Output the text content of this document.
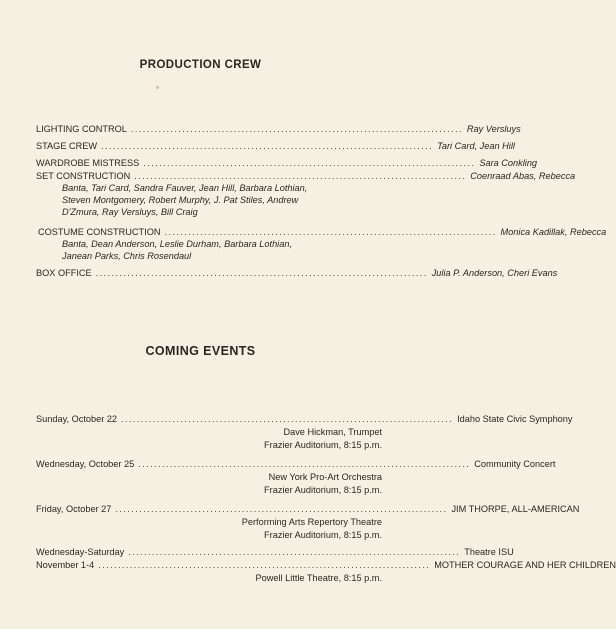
PRODUCTION CREW
LIGHTING CONTROL .................................................................................... Ray Versluys
STAGE CREW .................................................................................... Tari Card, Jean Hill
WARDROBE MISTRESS .................................................................................... Sara Conkling
SET CONSTRUCTION .................................................................................... Coenraad Abas, Rebecca
Banta, Tari Card, Sandra Fauver, Jean Hill, Barbara Lothian,
Steven Montgomery, Robert Murphy, J. Pat Stiles, Andrew
D'Zmura, Ray Versluys, Bill Craig
COSTUME CONSTRUCTION .................................................................................... Monica Kadillak, Rebecca
Banta, Dean Anderson, Leslie Durham, Barbara Lothian,
Janean Parks, Chris Rosendaul
BOX OFFICE .................................................................................... Julia P. Anderson, Cheri Evans
COMING EVENTS
Sunday, October 22 .................................................................................... Idaho State Civic Symphony
Dave Hickman, Trumpet
Frazier Auditorium, 8:15 p.m.
Wednesday, October 25 .................................................................................... Community Concert
New York Pro-Art Orchestra
Frazier Auditorium, 8:15 p.m.
Friday, October 27 .................................................................................... JIM THORPE, ALL-AMERICAN
Performing Arts Repertory Theatre
Frazier Auditorium, 8:15 p.m.
Wednesday-Saturday .................................................................................... Theatre ISU
November 1-4 .................................................................................... MOTHER COURAGE AND HER CHILDREN
Powell Little Theatre, 8:15 p.m.
